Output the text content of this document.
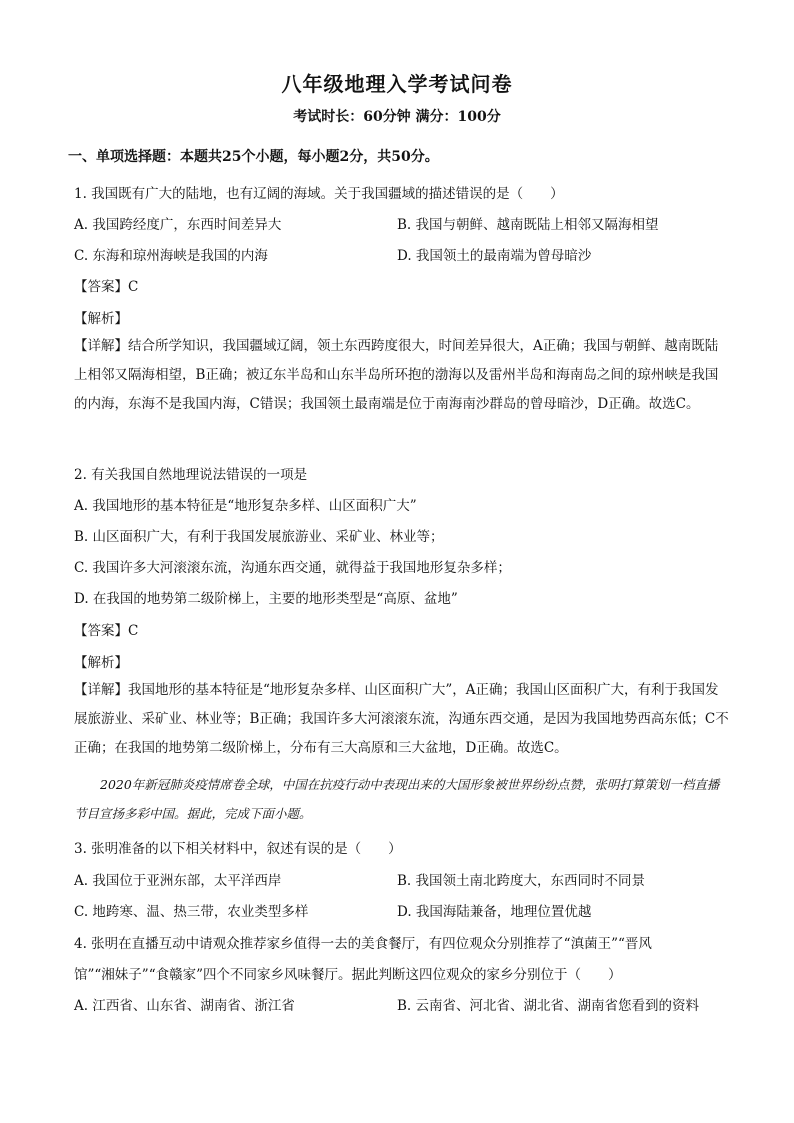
八年级地理入学考试问卷
考试时长：60分钟 满分：100分
一、单项选择题：本题共25个小题，每小题2分，共50分。
1. 我国既有广大的陆地，也有辽阔的海域。关于我国疆域的描述错误的是（　　）
A. 我国跨经度广，东西时间差异大	B. 我国与朝鲜、越南既陆上相邻又隔海相望
C. 东海和琼州海峡是我国的内海	D. 我国领土的最南端为曾母暗沙
【答案】C
【解析】
【详解】结合所学知识，我国疆域辽阔，领土东西跨度很大，时间差异很大，A正确；我国与朝鲜、越南既陆上相邻又隔海相望，B正确；被辽东半岛和山东半岛所环抱的渤海以及雷州半岛和海南岛之间的琼州峡是我国的内海，东海不是我国内海，C错误；我国领土最南端是位于南海南沙群岛的曾母暗沙，D正确。故选C。
2. 有关我国自然地理说法错误的一项是
A. 我国地形的基本特征是“地形复杂多样、山区面积广大”
B. 山区面积广大，有利于我国发展旅游业、采矿业、林业等；
C. 我国许多大河滚滚东流，沟通东西交通，就得益于我国地形复杂多样；
D. 在我国的地势第二级阶梯上，主要的地形类型是“高原、盆地”
【答案】C
【解析】
【详解】我国地形的基本特征是“地形复杂多样、山区面积广大”，A正确；我国山区面积广大，有利于我国发展旅游业、采矿业、林业等；B正确；我国许多大河滚滚东流，沟通东西交通，是因为我国地势西高东低；C不正确；在我国的地势第二级阶梯上，分布有三大高原和三大盆地，D正确。故选C。
2020年新冠肺炎疫情席卷全球，中国在抗疫行动中表现出来的大国形象被世界纷纷点赞，张明打算策划一档直播节目宣扬多彩中国。据此，完成下面小题。
3. 张明准备的以下相关材料中，叙述有误的是（　　）
A. 我国位于亚洲东部，太平洋西岸	B. 我国领土南北跨度大，东西同时不同景
C. 地跨寒、温、热三带，农业类型多样	D. 我国海陆兼备，地理位置优越
4. 张明在直播互动中请观众推荐家乡值得一去的美食餐厅，有四位观众分别推荐了“滇菌王”“晋风
馆”“湘妹子”“食赣家”四个不同家乡风味餐厅。据此判断这四位观众的家乡分别位于（　　）
A. 江西省、山东省、湖南省、浙江省	B. 云南省、河北省、湖北省、湖南省您看到的资料
